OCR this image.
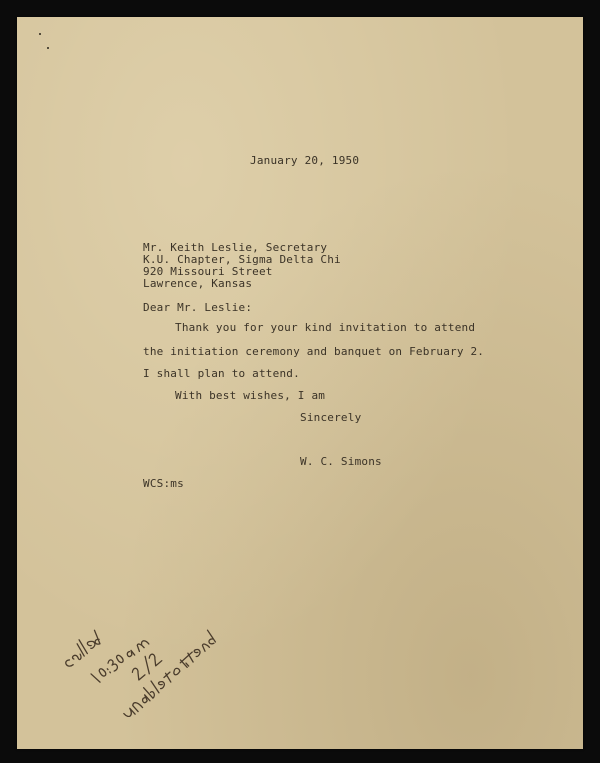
January 20, 1950

Mr. Keith Leslie, Secretary
K.U. Chapter, Sigma Delta Chi
920 Missouri Street
Lawrence, Kansas

Dear Mr. Leslie:

Thank you for your kind invitation to attend

the initiation ceremony and banquet on February 2.

I shall plan to attend.

With best wishes, I am

Sincerely

W. C. Simons

WCS:ms
